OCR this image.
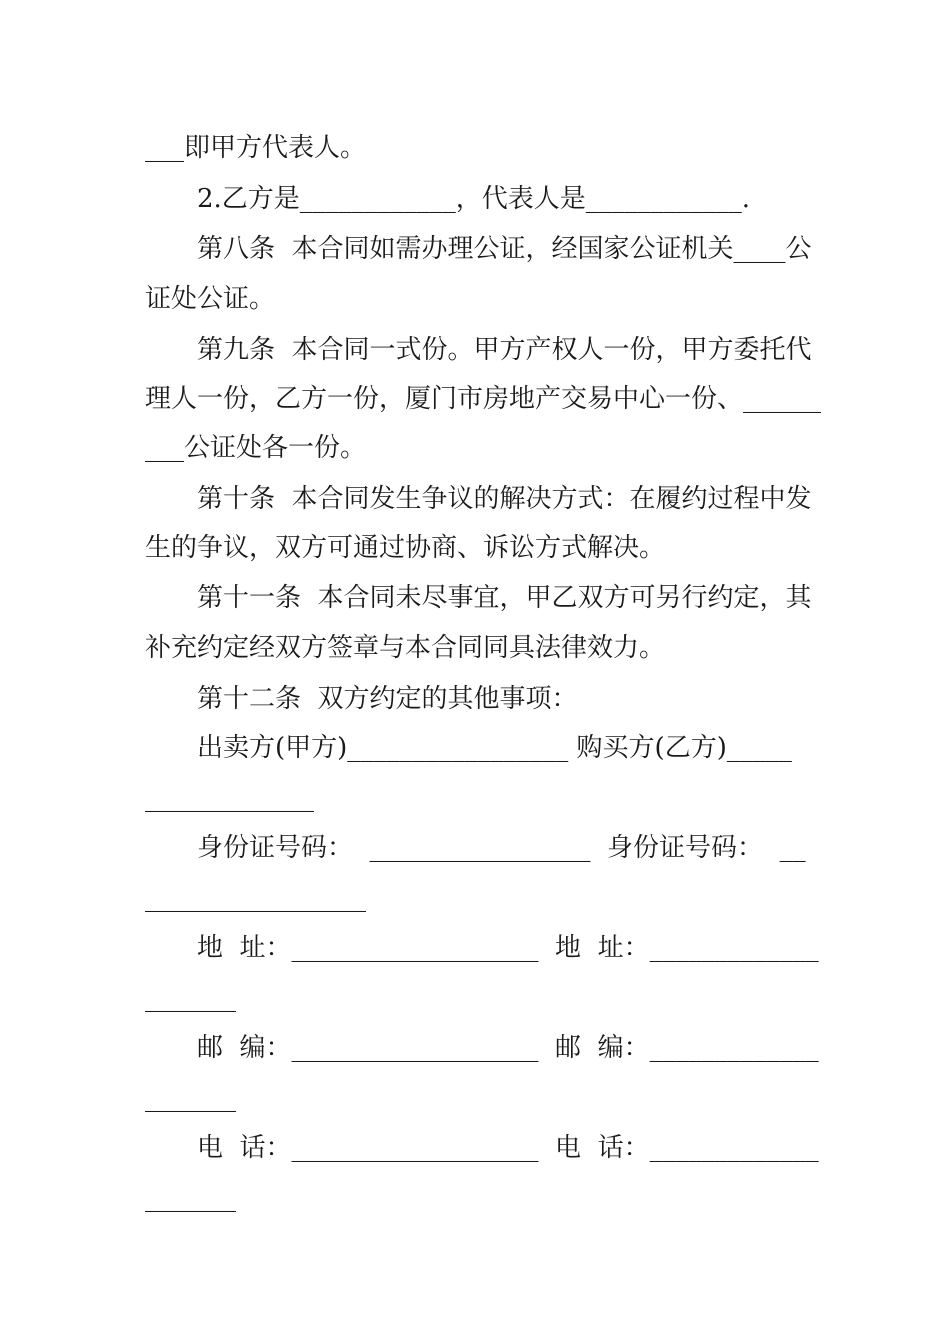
___即甲方代表人。
2.乙方是____________，代表人是____________.
第八条  本合同如需办理公证，经国家公证机关____公
证处公证。
第九条  本合同一式份。甲方产权人一份，甲方委托代
理人一份，乙方一份，厦门市房地产交易中心一份、______
___公证处各一份。
第十条  本合同发生争议的解决方式：在履约过程中发
生的争议，双方可通过协商、诉讼方式解决。
第十一条  本合同未尽事宜，甲乙双方可另行约定，其
补充约定经双方签章与本合同同具法律效力。
第十二条  双方约定的其他事项：
出卖方(甲方)_________________ 购买方(乙方)_____
_____________
身份证号码：  _________________  身份证号码：  __
_________________
地  址：___________________  地  址：_____________
_______
邮  编：___________________  邮  编：_____________
_______
电  话：___________________  电  话：_____________
_______
